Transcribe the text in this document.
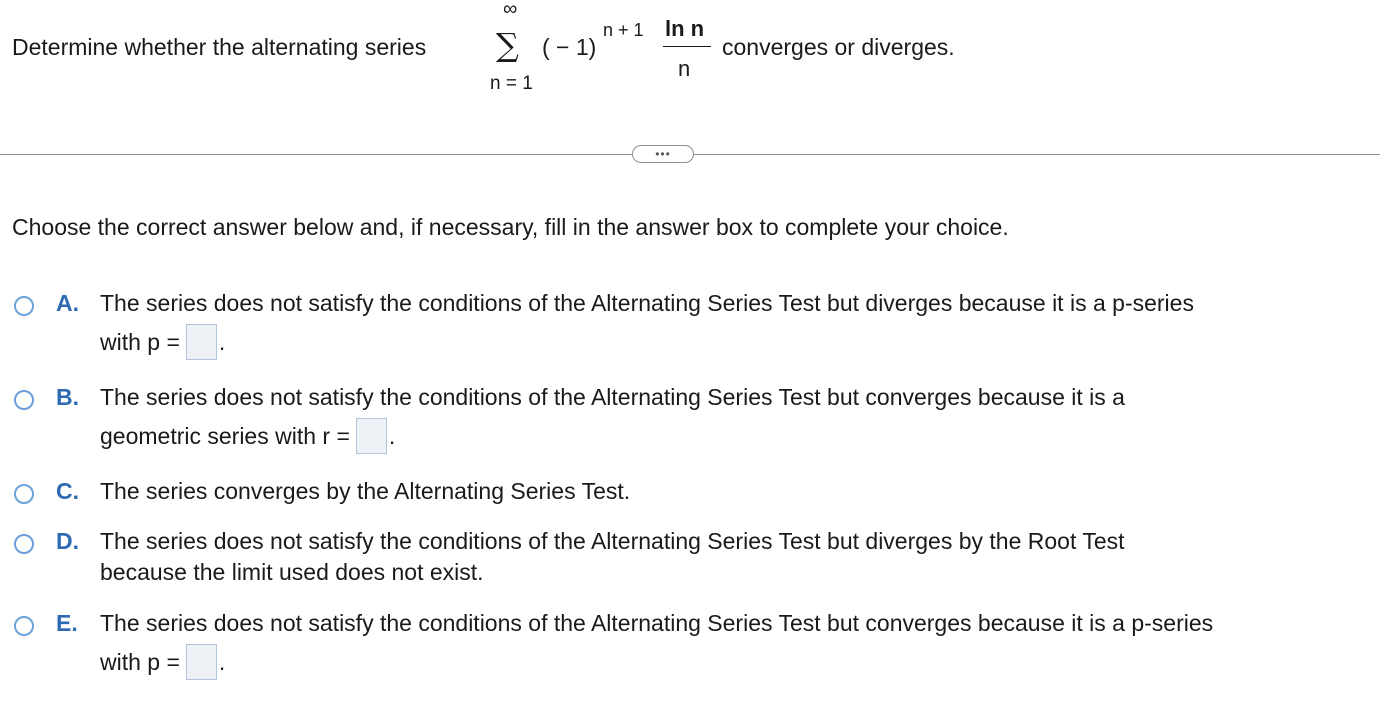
Determine whether the alternating series
∞
∑
n = 1
( − 1)
n + 1 ln n
n
converges or diverges.
•••
Choose the correct answer below and, if necessary, fill in the answer box to complete your choice.
A. The series does not satisfy the conditions of the Alternating Series Test but diverges because it is a p-series
with p = .
B. The series does not satisfy the conditions of the Alternating Series Test but converges because it is a
geometric series with r = .
C. The series converges by the Alternating Series Test.
D. The series does not satisfy the conditions of the Alternating Series Test but diverges by the Root Test
because the limit used does not exist.
E. The series does not satisfy the conditions of the Alternating Series Test but converges because it is a p-series
with p = .
